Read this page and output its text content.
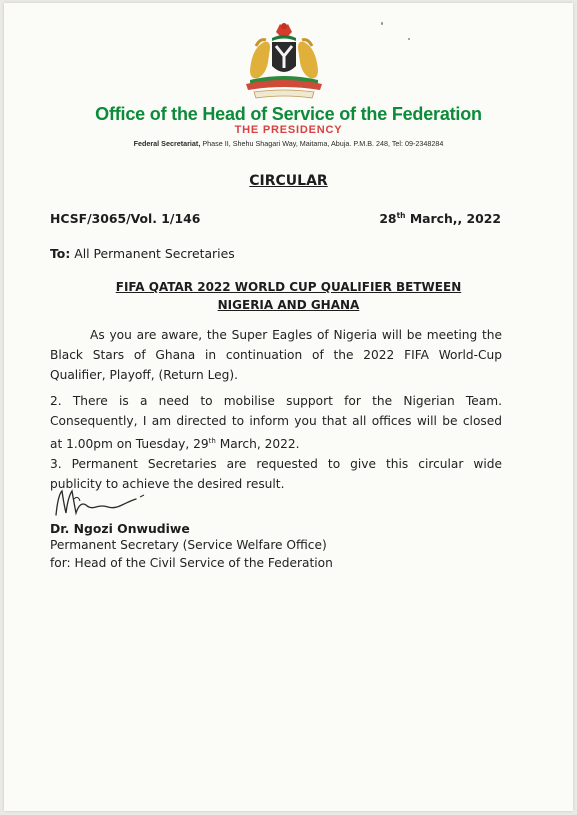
Office of the Head of Service of the Federation
THE PRESIDENCY
Federal Secretariat, Phase II, Shehu Shagari Way, Maitama, Abuja. P.M.B. 248, Tel: 09-2348284
CIRCULAR
HCSF/3065/Vol. 1/146	28th March,, 2022
To: All Permanent Secretaries
FIFA QATAR 2022 WORLD CUP QUALIFIER BETWEEN
NIGERIA AND GHANA
As you are aware, the Super Eagles of Nigeria will be meeting the
Black Stars of Ghana in continuation of the 2022 FIFA World-Cup
Qualifier, Playoff, (Return Leg).
2. There is a need to mobilise support for the Nigerian Team.
Consequently, I am directed to inform you that all offices will be closed
at 1.00pm on Tuesday, 29th March, 2022.
3. Permanent Secretaries are requested to give this circular wide
publicity to achieve the desired result.
Dr. Ngozi Onwudiwe
Permanent Secretary (Service Welfare Office)
for: Head of the Civil Service of the Federation
